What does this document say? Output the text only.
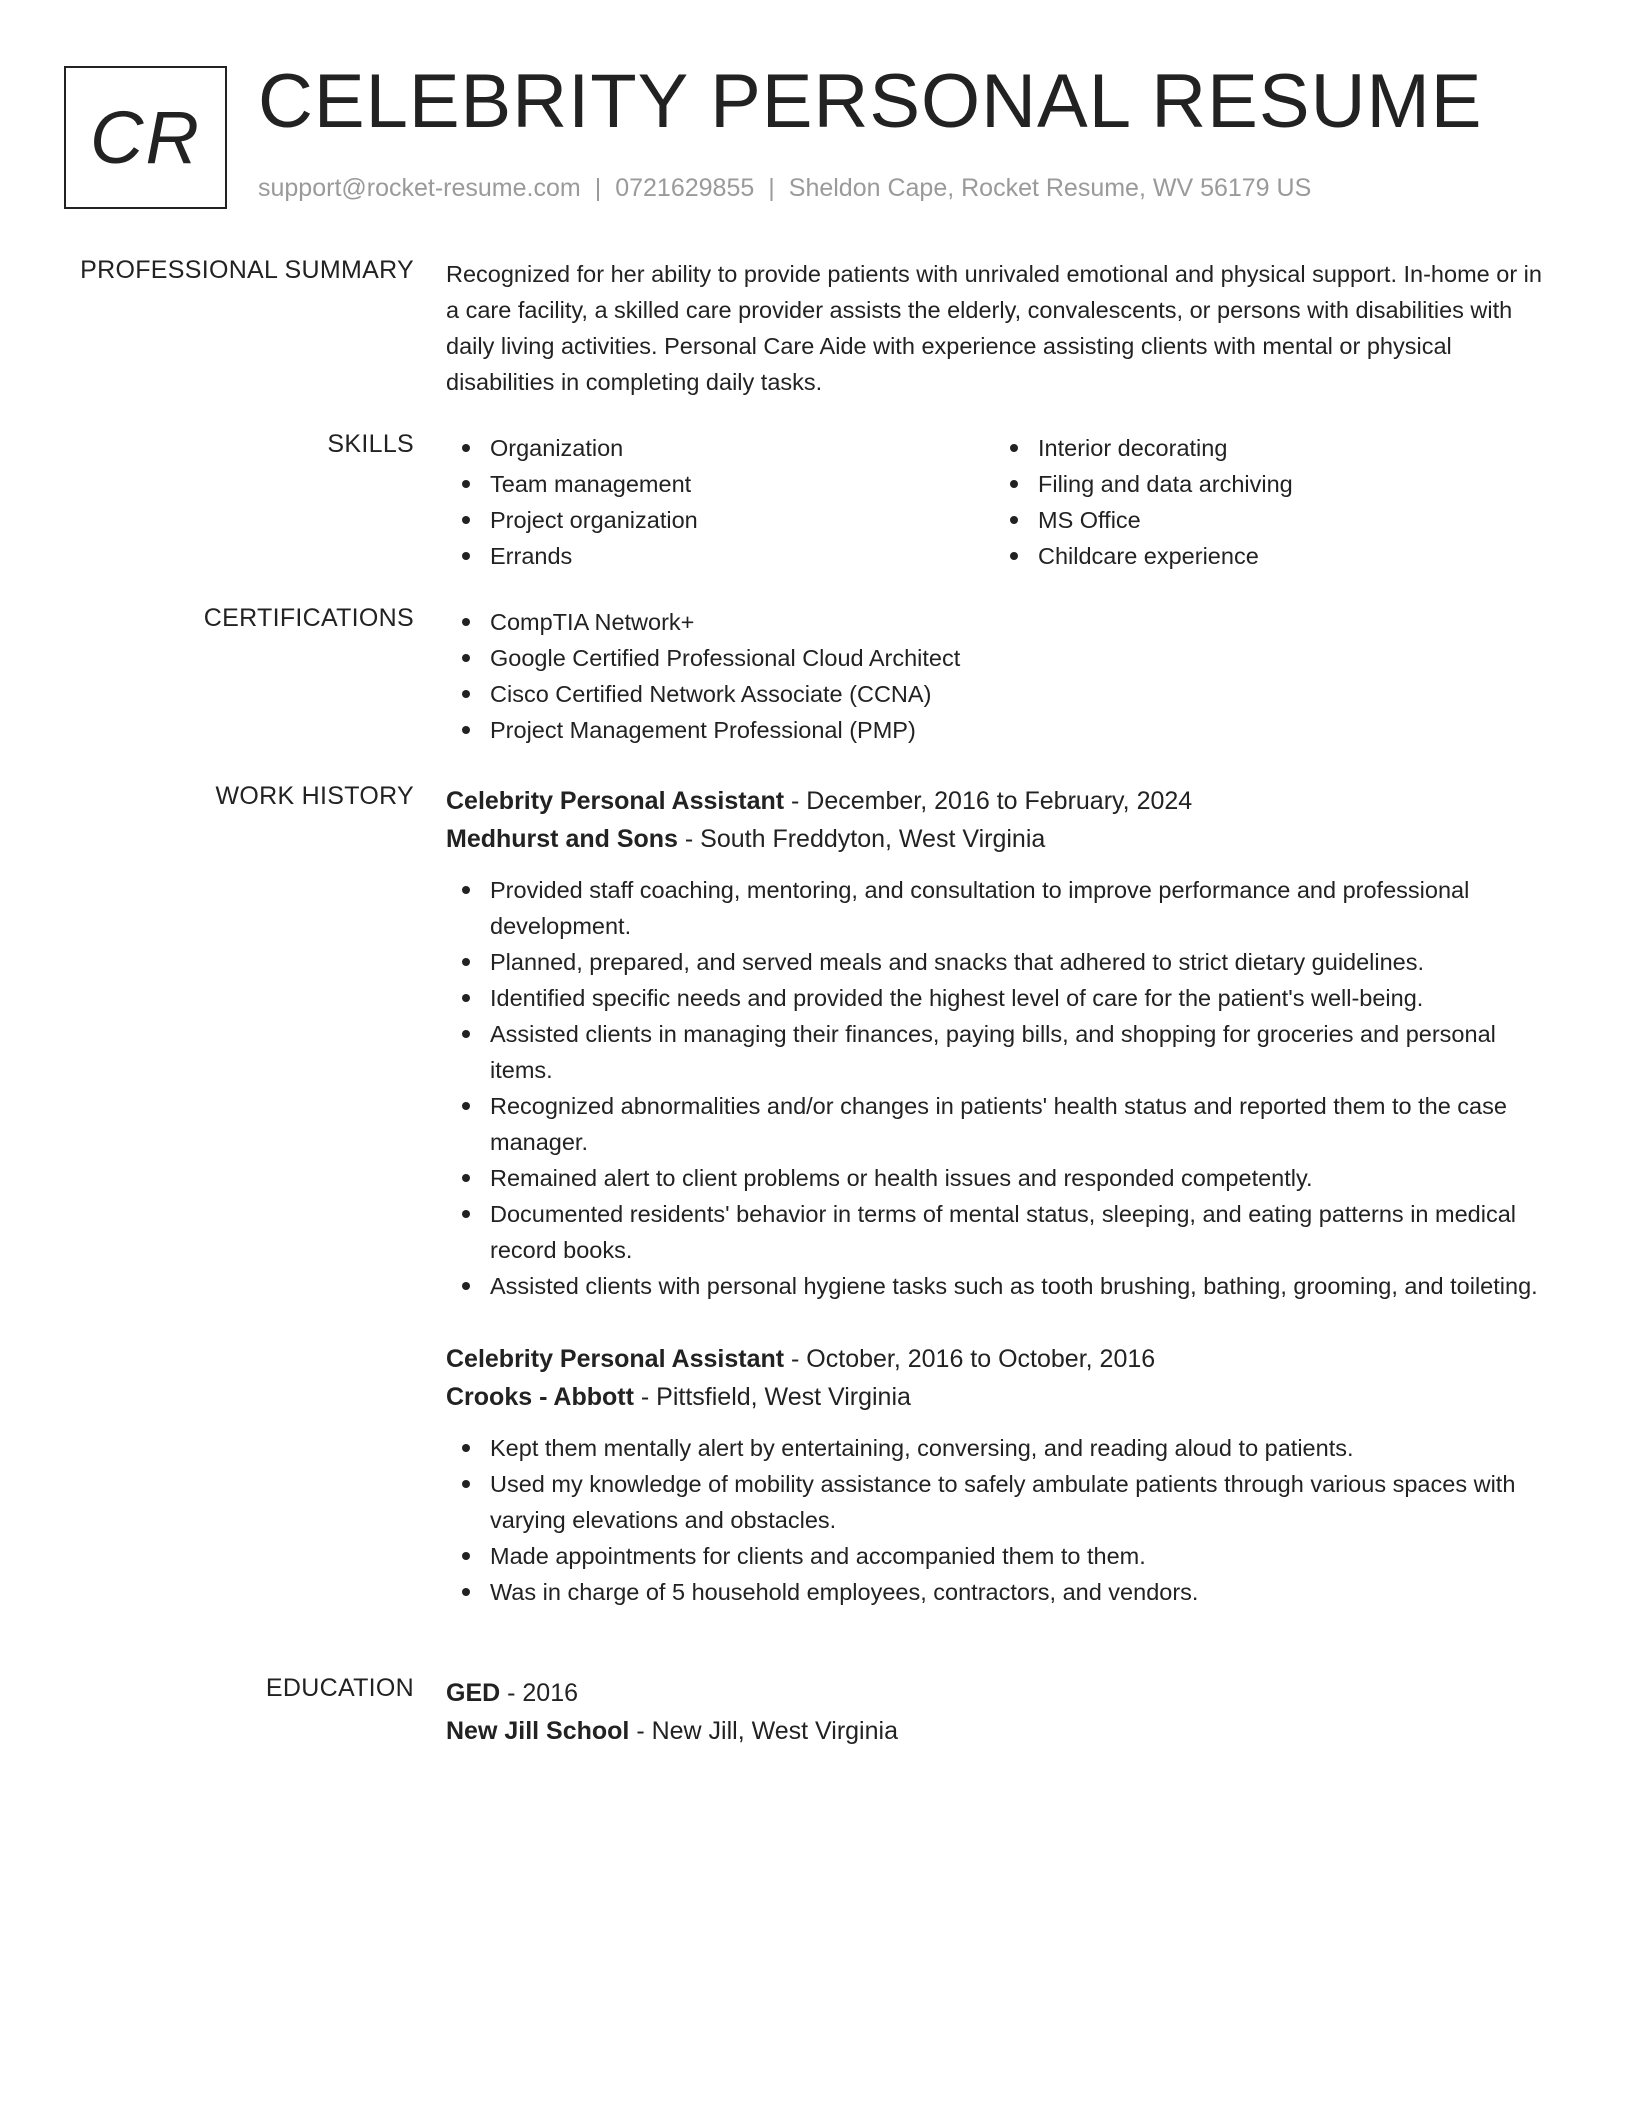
CR CELEBRITY PERSONAL RESUME
support@rocket-resume.com | 0721629855 | Sheldon Cape, Rocket Resume, WV 56179 US
PROFESSIONAL SUMMARY Recognized for her ability to provide patients with unrivaled emotional and physical support. In-home or in a care facility, a skilled care provider assists the elderly, convalescents, or persons with disabilities with daily living activities. Personal Care Aide with experience assisting clients with mental or physical disabilities in completing daily tasks.
SKILLS	Organization
Team management
Project organization
Errands
Interior decorating
Filing and data archiving
MS Office
Childcare experience
CERTIFICATIONS	CompTIA Network+
Google Certified Professional Cloud Architect
Cisco Certified Network Associate (CCNA)
Project Management Professional (PMP)
WORK HISTORY Celebrity Personal Assistant - December, 2016 to February, 2024
Medhurst and Sons - South Freddyton, West Virginia
Provided staff coaching, mentoring, and consultation to improve performance and professional development.
Planned, prepared, and served meals and snacks that adhered to strict dietary guidelines.
Identified specific needs and provided the highest level of care for the patient's well-being.
Assisted clients in managing their finances, paying bills, and shopping for groceries and personal items.
Recognized abnormalities and/or changes in patients' health status and reported them to the case manager.
Remained alert to client problems or health issues and responded competently.
Documented residents' behavior in terms of mental status, sleeping, and eating patterns in medical record books.
Assisted clients with personal hygiene tasks such as tooth brushing, bathing, grooming, and toileting.
Celebrity Personal Assistant - October, 2016 to October, 2016
Crooks - Abbott - Pittsfield, West Virginia
Kept them mentally alert by entertaining, conversing, and reading aloud to patients.
Used my knowledge of mobility assistance to safely ambulate patients through various spaces with varying elevations and obstacles.
Made appointments for clients and accompanied them to them.
Was in charge of 5 household employees, contractors, and vendors.
EDUCATION GED - 2016
New Jill School - New Jill, West Virginia
